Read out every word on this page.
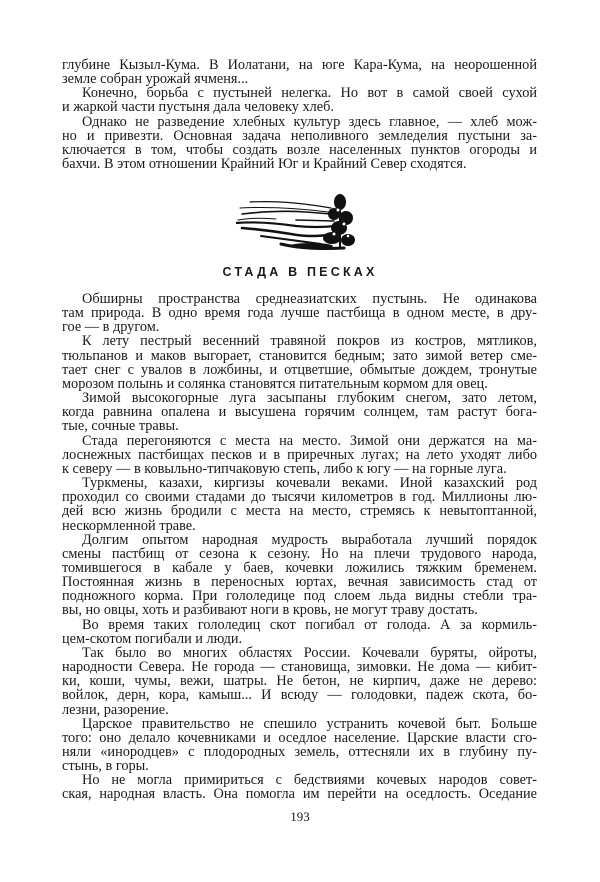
глубине Кызыл-Кума. В Иолатани, на юге Кара-Кума, на неорошенной
земле собран урожай ячменя...
Конечно, борьба с пустыней нелегка. Но вот в самой своей сухой
и жаркой части пустыня дала человеку хлеб.
Однако не разведение хлебных культур здесь главное, — хлеб мож-
но и привезти. Основная задача неполивного земледелия пустыни за-
ключается в том, чтобы создать возле населенных пунктов огороды и
бахчи. В этом отношении Крайний Юг и Крайний Север сходятся.
СТАДА В ПЕСКАХ
Обширны пространства среднеазиатских пустынь. Не одинакова
там природа. В одно время года лучше пастбища в одном месте, в дру-
гое — в другом.
К лету пестрый весенний травяной покров из костров, мятликов,
тюльпанов и маков выгорает, становится бедным; зато зимой ветер сме-
тает снег с увалов в ложбины, и отцветшие, обмытые дождем, тронутые
морозом полынь и солянка становятся питательным кормом для овец.
Зимой высокогорные луга засыпаны глубоким снегом, зато летом,
когда равнина опалена и высушена горячим солнцем, там растут бога-
тые, сочные травы.
Стада перегоняются с места на место. Зимой они держатся на ма-
лоснежных пастбищах песков и в приречных лугах; на лето уходят либо
к северу — в ковыльно-типчаковую степь, либо к югу — на горные луга.
Туркмены, казахи, киргизы кочевали веками. Иной казахский род
проходил со своими стадами до тысячи километров в год. Миллионы лю-
дей всю жизнь бродили с места на место, стремясь к невытоптанной,
нескормленной траве.
Долгим опытом народная мудрость выработала лучший порядок
смены пастбищ от сезона к сезону. Но на плечи трудового народа,
томившегося в кабале у баев, кочевки ложились тяжким бременем.
Постоянная жизнь в переносных юртах, вечная зависимость стад от
подножного корма. При гололедице под слоем льда видны стебли тра-
вы, но овцы, хоть и разбивают ноги в кровь, не могут траву достать.
Во время таких гололедиц скот погибал от голода. А за кормиль-
цем-скотом погибали и люди.
Так было во многих областях России. Кочевали буряты, ойроты,
народности Севера. Не города — становища, зимовки. Не дома — кибит-
ки, коши, чумы, вежи, шатры. Не бетон, не кирпич, даже не дерево:
войлок, дерн, кора, камыш... И всюду — голодовки, падеж скота, бо-
лезни, разорение.
Царское правительство не спешило устранить кочевой быт. Больше
того: оно делало кочевниками и оседлое население. Царские власти сго-
няли «инородцев» с плодородных земель, оттесняли их в глубину пу-
стынь, в горы.
Но не могла примириться с бедствиями кочевых народов совет-
ская, народная власть. Она помогла им перейти на оседлость. Оседание
193
